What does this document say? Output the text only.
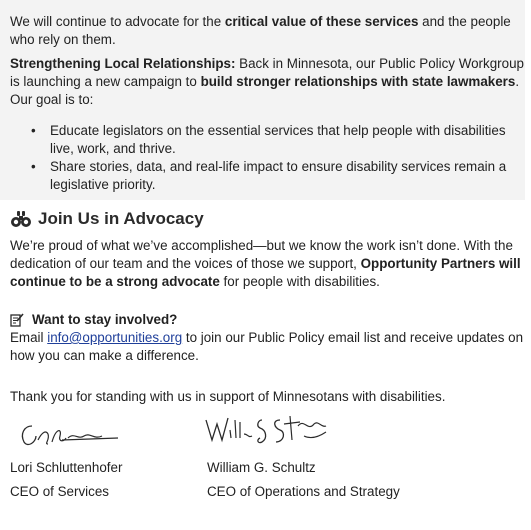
We will continue to advocate for the critical value of these services and the people who rely on them.

Strengthening Local Relationships: Back in Minnesota, our Public Policy Workgroup is launching a new campaign to build stronger relationships with state lawmakers. Our goal is to:

• Educate legislators on the essential services that help people with disabilities live, work, and thrive.
• Share stories, data, and real-life impact to ensure disability services remain a legislative priority.
Join Us in Advocacy

We’re proud of what we’ve accomplished—but we know the work isn’t done. With the dedication of our team and the voices of those we support, Opportunity Partners will continue to be a strong advocate for people with disabilities.

Want to stay involved?

Email info@opportunities.org to join our Public Policy email list and receive updates on how you can make a difference.

Thank you for standing with us in support of Minnesotans with disabilities.

Lori Schluttenhofer

CEO of Services

William G. Schultz

CEO of Operations and Strategy
